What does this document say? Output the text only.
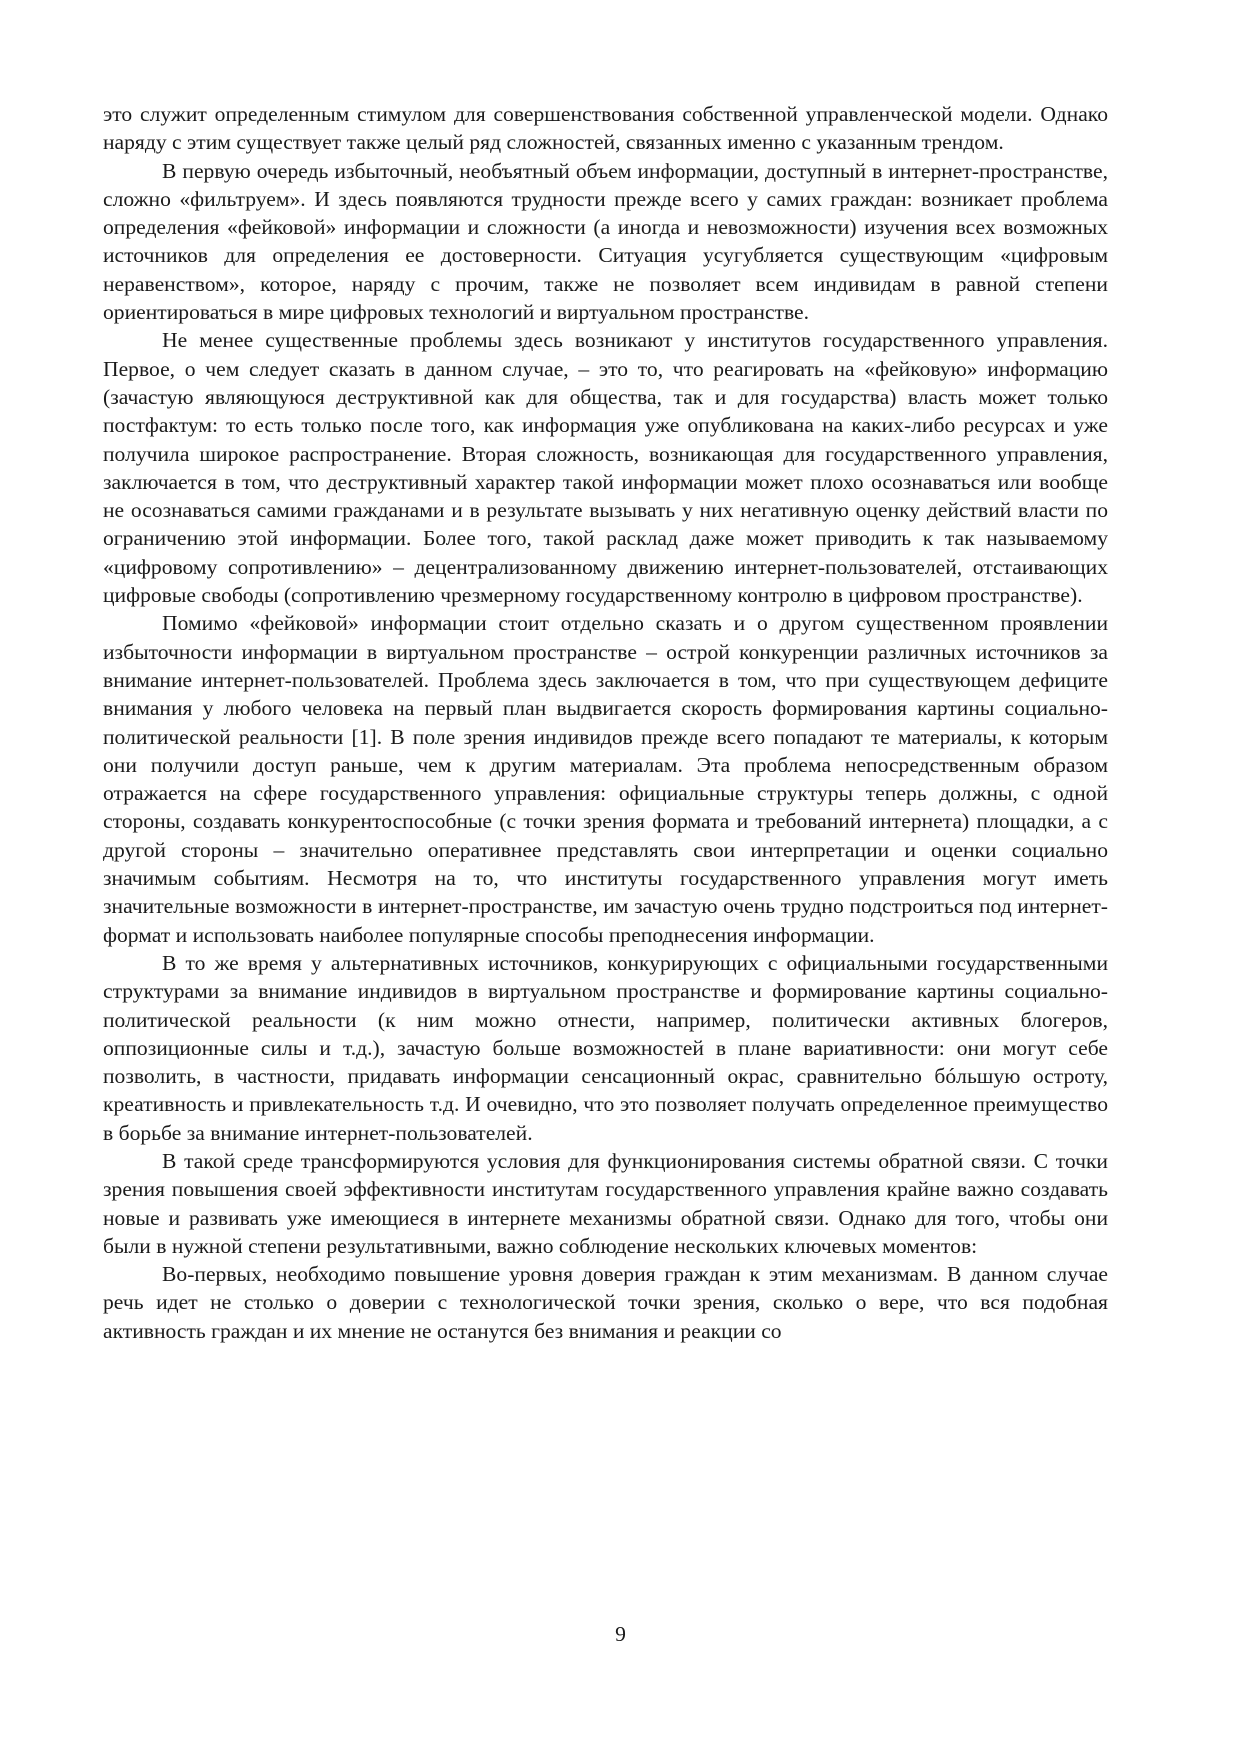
это служит определенным стимулом для совершенствования собственной управленческой модели. Однако наряду с этим существует также целый ряд сложностей, связанных именно с указанным трендом.

В первую очередь избыточный, необъятный объем информации, доступный в интернет-пространстве, сложно «фильтруем». И здесь появляются трудности прежде всего у самих граждан: возникает проблема определения «фейковой» информации и сложности (а иногда и невозможности) изучения всех возможных источников для определения ее достоверности. Ситуация усугубляется существующим «цифровым неравенством», которое, наряду с прочим, также не позволяет всем индивидам в равной степени ориентироваться в мире цифровых технологий и виртуальном пространстве.

Не менее существенные проблемы здесь возникают у институтов государственного управления. Первое, о чем следует сказать в данном случае, – это то, что реагировать на «фейковую» информацию (зачастую являющуюся деструктивной как для общества, так и для государства) власть может только постфактум: то есть только после того, как информация уже опубликована на каких-либо ресурсах и уже получила широкое распространение. Вторая сложность, возникающая для государственного управления, заключается в том, что деструктивный характер такой информации может плохо осознаваться или вообще не осознаваться самими гражданами и в результате вызывать у них негативную оценку действий власти по ограничению этой информации. Более того, такой расклад даже может приводить к так называемому «цифровому сопротивлению» – децентрализованному движению интернет-пользователей, отстаивающих цифровые свободы (сопротивлению чрезмерному государственному контролю в цифровом пространстве).

Помимо «фейковой» информации стоит отдельно сказать и о другом существенном проявлении избыточности информации в виртуальном пространстве – острой конкуренции различных источников за внимание интернет-пользователей. Проблема здесь заключается в том, что при существующем дефиците внимания у любого человека на первый план выдвигается скорость формирования картины социально-политической реальности [1]. В поле зрения индивидов прежде всего попадают те материалы, к которым они получили доступ раньше, чем к другим материалам. Эта проблема непосредственным образом отражается на сфере государственного управления: официальные структуры теперь должны, с одной стороны, создавать конкурентоспособные (с точки зрения формата и требований интернета) площадки, а с другой стороны – значительно оперативнее представлять свои интерпретации и оценки социально значимым событиям. Несмотря на то, что институты государственного управления могут иметь значительные возможности в интернет-пространстве, им зачастую очень трудно подстроиться под интернет-формат и использовать наиболее популярные способы преподнесения информации.

В то же время у альтернативных источников, конкурирующих с официальными государственными структурами за внимание индивидов в виртуальном пространстве и формирование картины социально-политической реальности (к ним можно отнести, например, политически активных блогеров, оппозиционные силы и т.д.), зачастую больше возможностей в плане вариативности: они могут себе позволить, в частности, придавать информации сенсационный окрас, сравнительно бóльшую остроту, креативность и привлекательность т.д. И очевидно, что это позволяет получать определенное преимущество в борьбе за внимание интернет-пользователей.

В такой среде трансформируются условия для функционирования системы обратной связи. С точки зрения повышения своей эффективности институтам государственного управления крайне важно создавать новые и развивать уже имеющиеся в интернете механизмы обратной связи. Однако для того, чтобы они были в нужной степени результативными, важно соблюдение нескольких ключевых моментов:

Во-первых, необходимо повышение уровня доверия граждан к этим механизмам. В данном случае речь идет не столько о доверии с технологической точки зрения, сколько о вере, что вся подобная активность граждан и их мнение не останутся без внимания и реакции со

9
